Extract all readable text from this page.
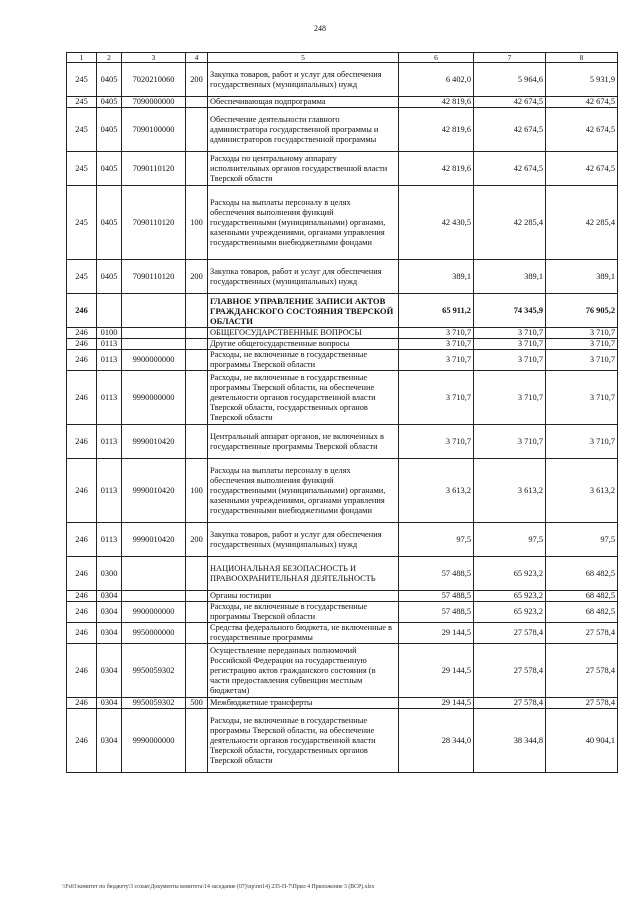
248
1	2	3	4	5	6	7	8
245	0405	7020210060	200	Закупка товаров, работ и услуг для обеспечения государственных (муниципальных) нужд	6 402,0	5 964,6	5 931,9
245	0405	7090000000		Обеспечивающая подпрограмма	42 819,6	42 674,5	42 674,5
245	0405	7090100000		Обеспечение деятельности главного администратора государственной программы и администраторов государственной программы	42 819,6	42 674,5	42 674,5
245	0405	7090110120		Расходы по центральному аппарату исполнительных органов государственной власти Тверской области	42 819,6	42 674,5	42 674,5
245	0405	7090110120	100	Расходы на выплаты персоналу в целях обеспечения выполнения функций государственными (муниципальными) органами, казенными учреждениями, органами управления государственными внебюджетными фондами	42 430,5	42 285,4	42 285,4
245	0405	7090110120	200	Закупка товаров, работ и услуг для обеспечения государственных (муниципальных) нужд	389,1	389,1	389,1
246				ГЛАВНОЕ УПРАВЛЕНИЕ ЗАПИСИ АКТОВ ГРАЖДАНСКОГО СОСТОЯНИЯ ТВЕРСКОЙ ОБЛАСТИ	65 911,2	74 345,9	76 905,2
246	0100			ОБЩЕГОСУДАРСТВЕННЫЕ ВОПРОСЫ	3 710,7	3 710,7	3 710,7
246	0113			Другие общегосударственные вопросы	3 710,7	3 710,7	3 710,7
246	0113	9900000000		Расходы, не включенные в государственные программы Тверской области	3 710,7	3 710,7	3 710,7
246	0113	9990000000		Расходы, не включенные в государственные программы Тверской области, на обеспечение деятельности органов государственной власти Тверской области, государственных органов Тверской области	3 710,7	3 710,7	3 710,7
246	0113	9990010420		Центральный аппарат органов, не включенных в государственные программы Тверской области	3 710,7	3 710,7	3 710,7
246	0113	9990010420	100	Расходы на выплаты персоналу в целях обеспечения выполнения функций государственными (муниципальными) органами, казенными учреждениями, органами управления государственными внебюджетными фондами	3 613,2	3 613,2	3 613,2
246	0113	9990010420	200	Закупка товаров, работ и услуг для обеспечения государственных (муниципальных) нужд	97,5	97,5	97,5
246	0300			НАЦИОНАЛЬНАЯ БЕЗОПАСНОСТЬ И ПРАВООХРАНИТЕЛЬНАЯ ДЕЯТЕЛЬНОСТЬ	57 488,5	65 923,2	68 482,5
246	0304			Органы юстиции	57 488,5	65 923,2	68 482,5
246	0304	9900000000		Расходы, не включенные в государственные программы Тверской области	57 488,5	65 923,2	68 482,5
246	0304	9950000000		Средства федерального бюджета, не включенные в государственные программы	29 144,5	27 578,4	27 578,4
246	0304	9950059302		Осуществление переданных полномочий Российской Федерации на государственную регистрацию актов гражданского состояния (в части предоставления субвенции местным бюджетам)	29 144,5	27 578,4	27 578,4
246	0304	9950059302	500	Межбюджетные трансферты	29 144,5	27 578,4	27 578,4
246	0304	9990000000		Расходы, не включенные в государственные программы Тверской области, на обеспечение деятельности органов государственной власти Тверской области, государственных органов Тверской области	28 344,0	38 344,8	40 904,1
\\Fs01\комитет по бюджету\3 созыв\Документы комитета\14 заседание (07)\пр\пп14) 235-П-7\Прил 4 Приложение 3 (ВСР).xlsx
